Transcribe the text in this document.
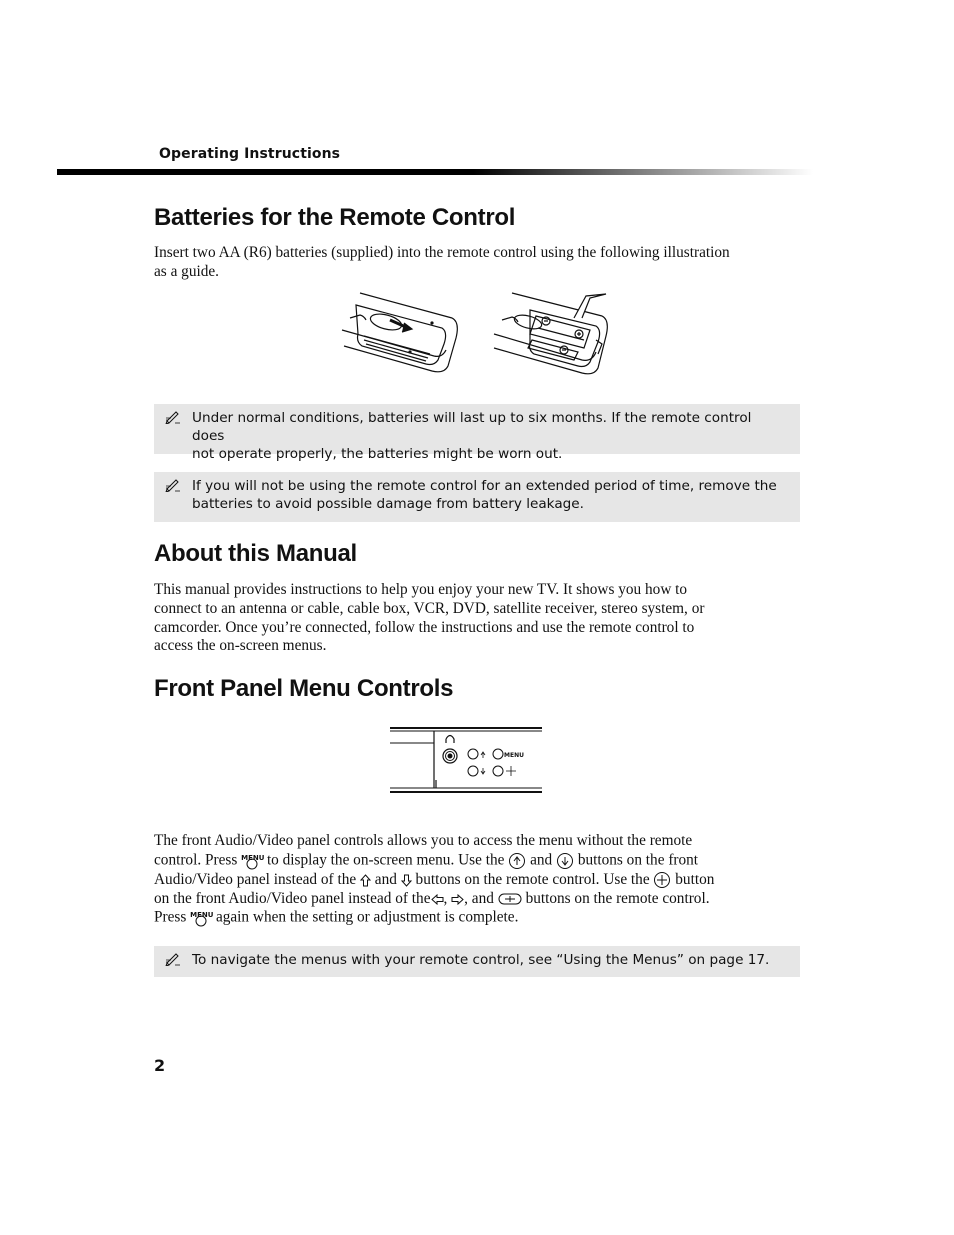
Operating Instructions
Batteries for the Remote Control
Insert two AA (R6) batteries (supplied) into the remote control using the following illustration
as a guide.
Under normal conditions, batteries will last up to six months. If the remote control does
not operate properly, the batteries might be worn out.
If you will not be using the remote control for an extended period of time, remove the
batteries to avoid possible damage from battery leakage.
About this Manual
This manual provides instructions to help you enjoy your new TV. It shows you how to
connect to an antenna or cable, cable box, VCR, DVD, satellite receiver, stereo system, or
camcorder. Once you’re connected, follow the instructions and use the remote control to
access the on-screen menus.
Front Panel Menu Controls
MENU
The front Audio/Video panel controls allows you to access the menu without the remote
control. Press MENU to display the on-screen menu. Use the and buttons on the front
Audio/Video panel instead of the and buttons on the remote control. Use the button
on the front Audio/Video panel instead of the , , and buttons on the remote control.
Press MENU again when the setting or adjustment is complete.
To navigate the menus with your remote control, see “Using the Menus” on page 17.
2
